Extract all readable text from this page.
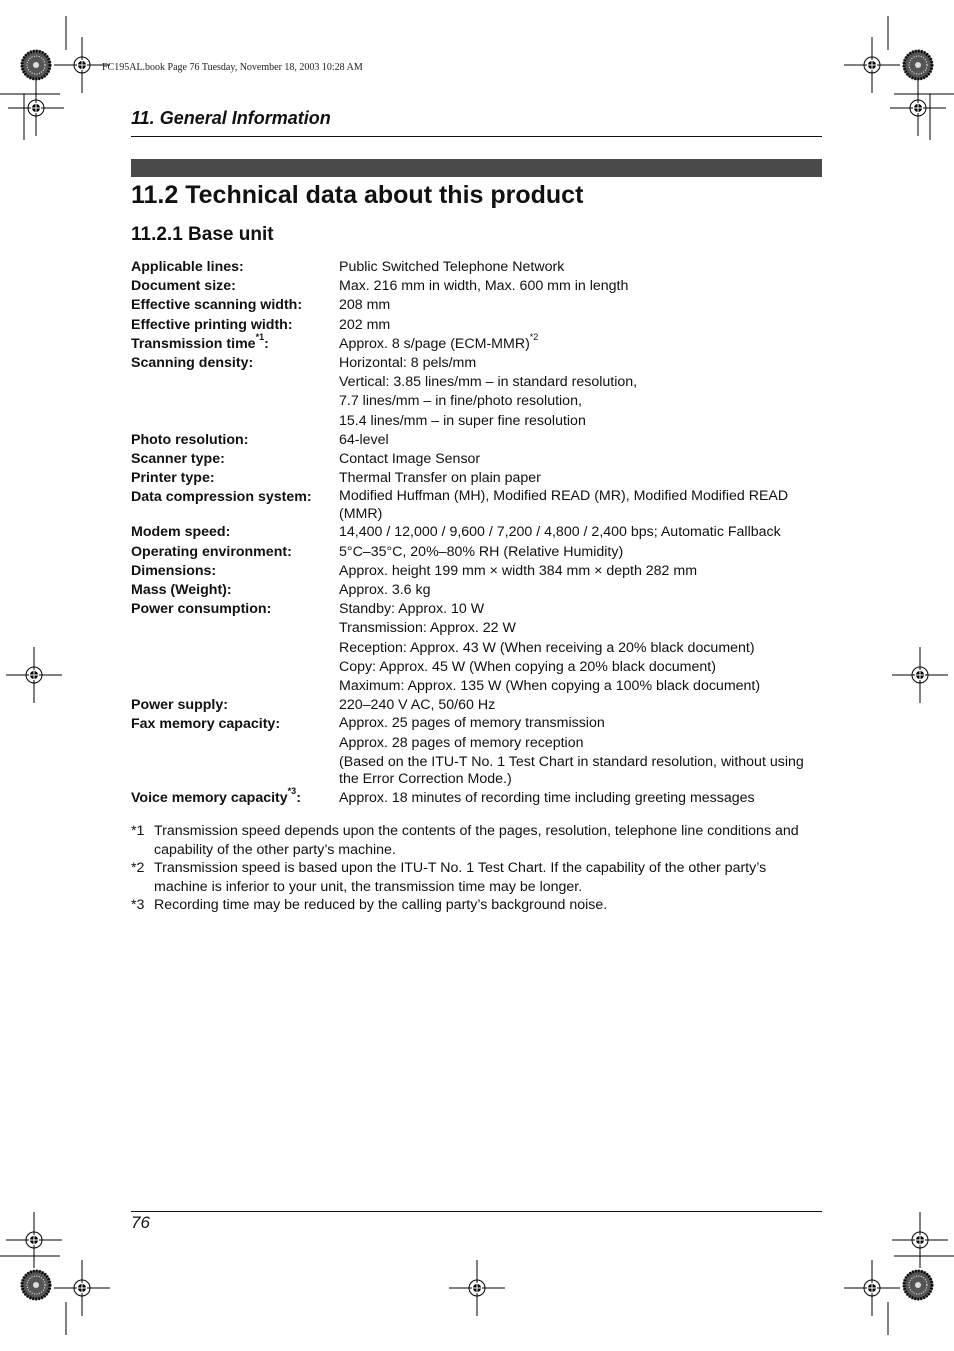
FC195AL.book Page 76 Tuesday, November 18, 2003 10:28 AM
11. General Information
11.2 Technical data about this product
11.2.1 Base unit
Applicable lines:	Public Switched Telephone Network
Document size:	Max. 216 mm in width, Max. 600 mm in length
Effective scanning width:	208 mm
Effective printing width:	202 mm
Transmission time$^{*1}$:	Approx. 8 s/page $(ECM-MMR)^{*2}$
Scanning density:	Horizontal: 8 pels/mm
Vertical: 3.85 lines/mm – in standard resolution,
7.7 lines/mm – in fine/photo resolution,
15.4 lines/mm – in super fine resolution
Photo resolution:	64-level
Scanner type:	Contact Image Sensor
Printer type:	Thermal Transfer on plain paper
Data compression system:	Modified Huffman (MH), Modified READ (MR), Modified Modified READ (MMR)
Modem speed:	14,400 / 12,000 / 9,600 / 7,200 / 4,800 / 2,400 bps; Automatic Fallback
Operating environment:	5°C–35°C, 20%–80% RH (Relative Humidity)
Dimensions:	Approx. height 199 mm × width 384 mm × depth 282 mm
Mass (Weight):	Approx. 3.6 kg
Power consumption:	Standby: Approx. 10 W
Transmission: Approx. 22 W
Reception: Approx. 43 W (When receiving a 20% black document)
Copy: Approx. 45 W (When copying a 20% black document)
Maximum: Approx. 135 W (When copying a 100% black document)
Power supply:	220–240 V AC, 50/60 Hz
Fax memory capacity:	Approx. 25 pages of memory transmission
Approx. 28 pages of memory reception
(Based on the ITU-T No. 1 Test Chart in standard resolution, without using the Error Correction Mode.)
Voice memory capacity$^{*3}$:	Approx. 18 minutes of recording time including greeting messages
*1 Transmission speed depends upon the contents of the pages, resolution, telephone line conditions and capability of the other party’s machine.
*2 Transmission speed is based upon the ITU-T No. 1 Test Chart. If the capability of the other party’s machine is inferior to your unit, the transmission time may be longer.
*3 Recording time may be reduced by the calling party’s background noise.
76
